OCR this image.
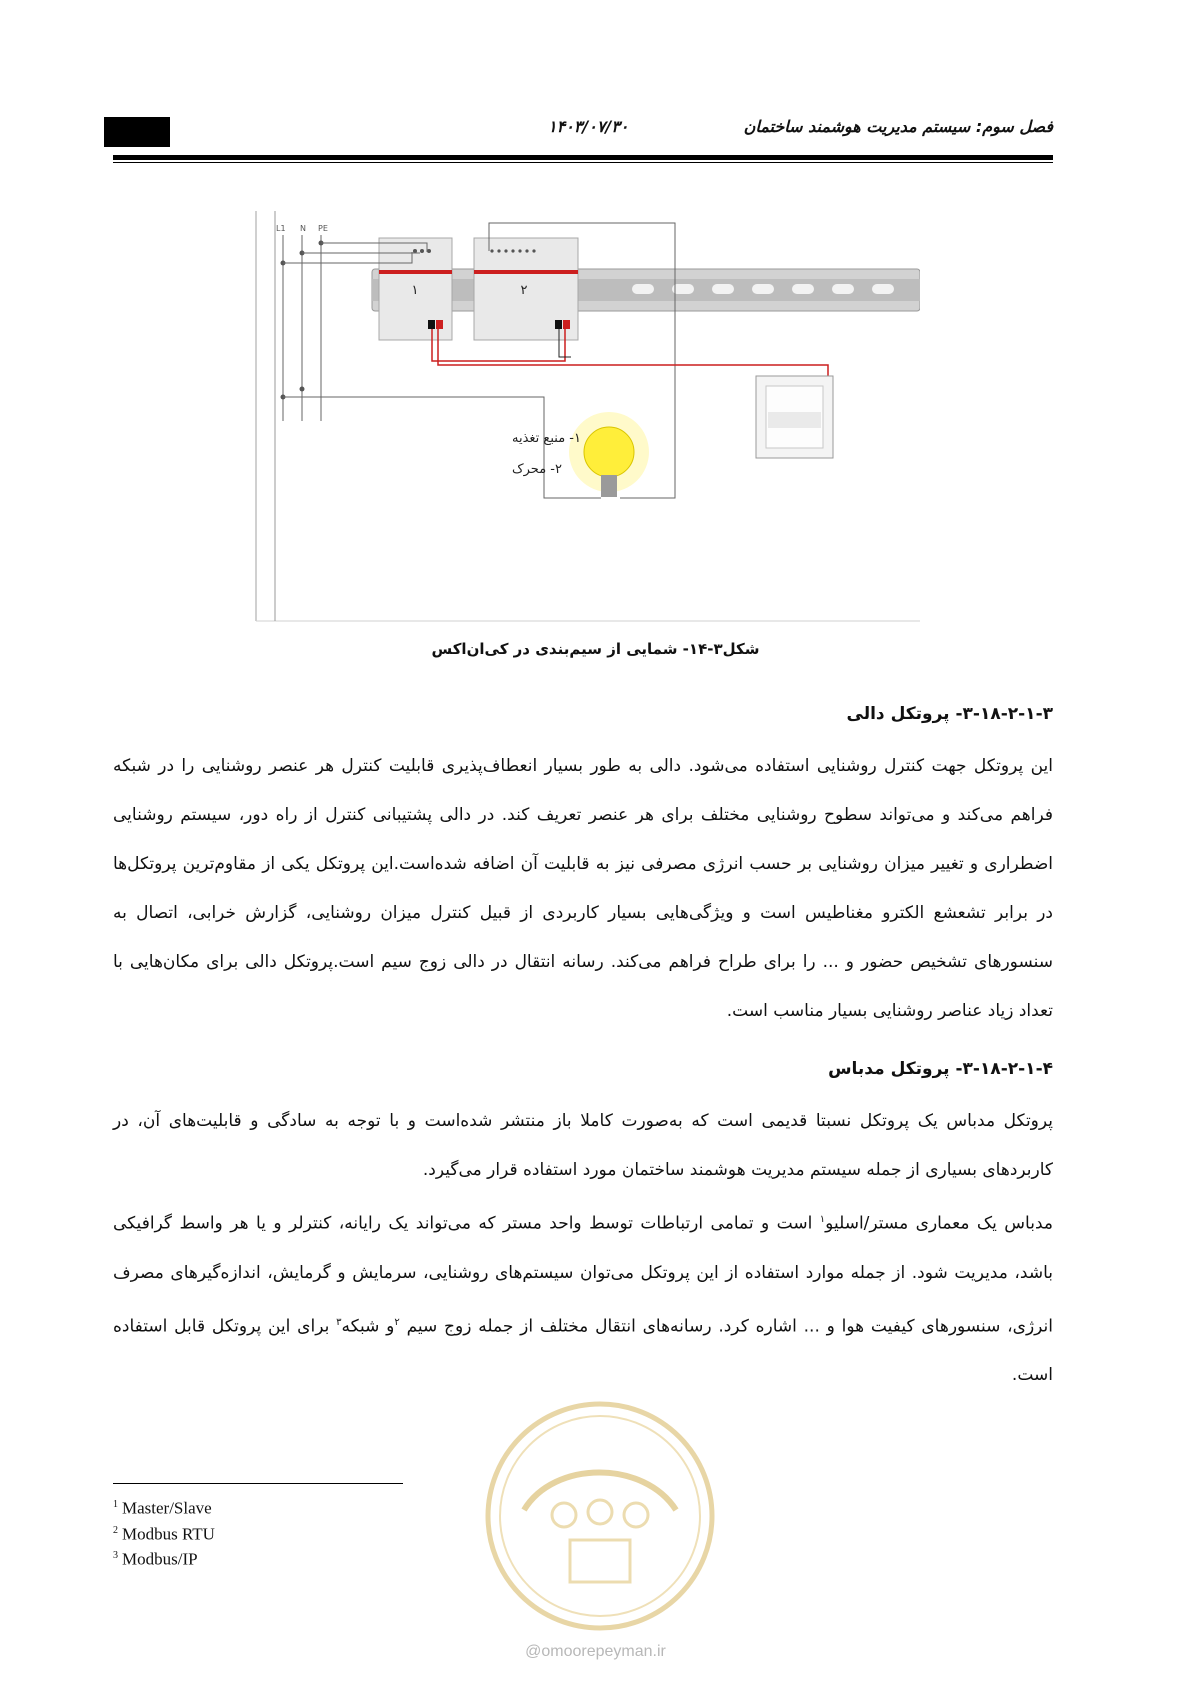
فصل سوم: سیستم مدیریت هوشمند ساختمان
۱۴۰۳/۰۷/۳۰
۱	۲
L1 N PE
۱- منبع تغذیه
۲- محرک
شکل۳-۱۴- شمایی از سیم‌بندی در کی‌ان‌اکس
۳-۱۸-۲-۱-۳- پروتکل دالی
این پروتکل جهت کنترل روشنایی استفاده می‌شود. دالی به طور بسیار انعطاف‌پذیری قابلیت کنترل هر عنصر روشنایی را در شبکه فراهم می‌کند و می‌تواند سطوح روشنایی مختلف برای هر عنصر تعریف کند. در دالی پشتیبانی کنترل از راه دور، سیستم روشنایی اضطراری و تغییر میزان روشنایی بر حسب انرژی مصرفی نیز به قابلیت آن اضافه شده‌است.این پروتکل یکی از مقاوم‌ترین پروتکل‌ها در برابر تشعشع الکترو مغناطیس است و ویژگی‌هایی بسیار کاربردی از قبیل کنترل میزان روشنایی، گزارش خرابی، اتصال به سنسورهای تشخیص حضور و ... را برای طراح فراهم می‌کند. رسانه انتقال در دالی زوج سیم است.پروتکل دالی برای مکان‌هایی با تعداد زیاد عناصر روشنایی بسیار مناسب است.
۳-۱۸-۲-۱-۴- پروتکل مدباس
پروتکل مدباس یک پروتکل نسبتا قدیمی است که به‌صورت کاملا باز منتشر شده‌است و با توجه به سادگی و قابلیت‌های آن، در کاربردهای بسیاری از جمله سیستم مدیریت هوشمند ساختمان مورد استفاده قرار می‌گیرد.
مدباس یک معماری مستر/اسلیو$^۱$ است و تمامی ارتباطات توسط واحد مستر که می‌تواند یک رایانه، کنترلر و یا هر واسط گرافیکی باشد، مدیریت شود. از جمله موارد استفاده از این پروتکل می‌توان سیستم‌های روشنایی، سرمایش و گرمایش، اندازه‌گیرهای مصرف انرژی، سنسورهای کیفیت هوا و ... اشاره کرد. رسانه‌های انتقال مختلف از جمله زوج سیم $^۲$و شبکه$^۳$ برای این پروتکل قابل استفاده است.
$^1$ Master/Slave
$^2$ Modbus RTU
$^3$ Modbus/IP
@omoorepeyman.ir
